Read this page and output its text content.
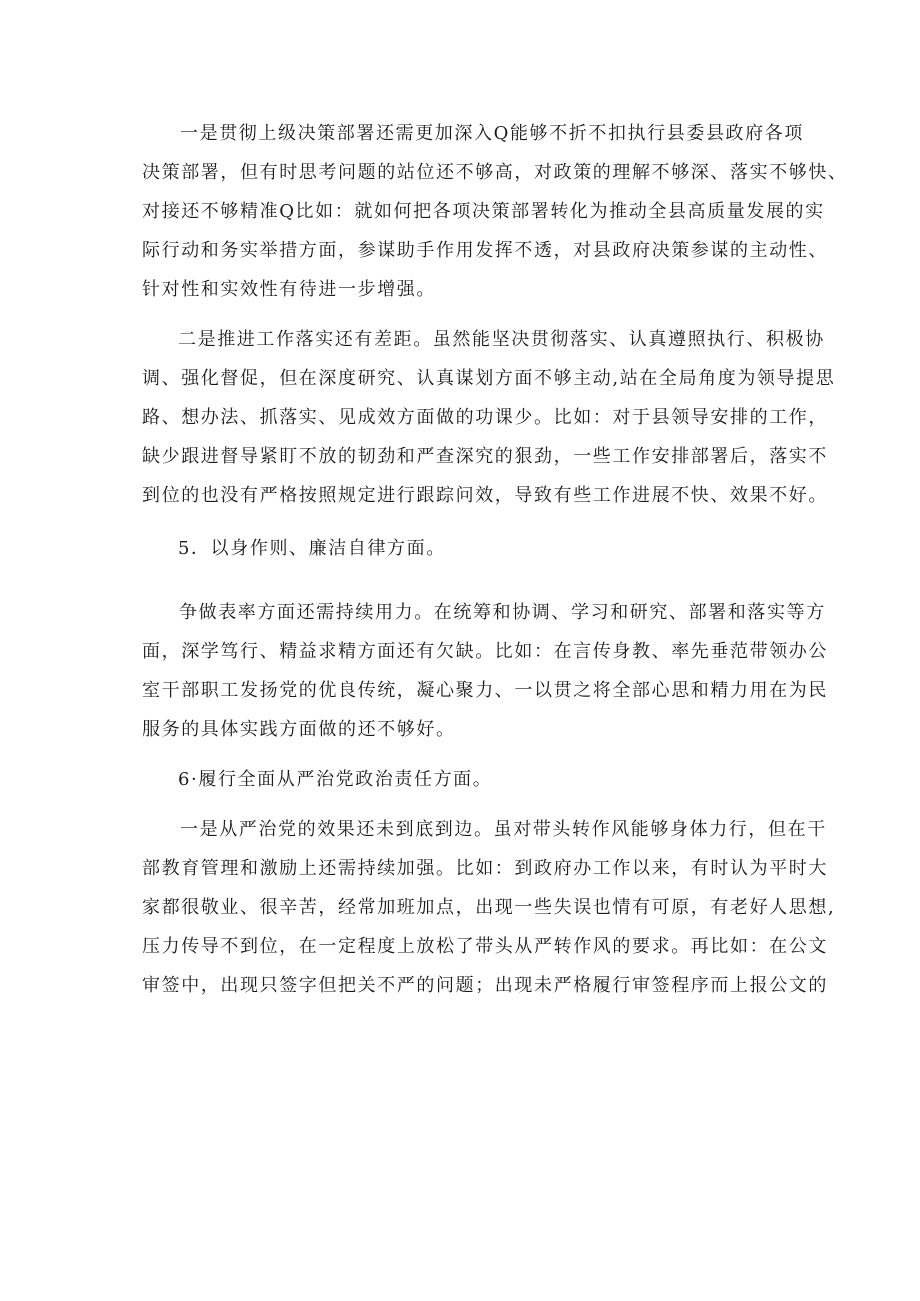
一是贯彻上级决策部署还需更加深入Q能够不折不扣执行县委县政府各项
决策部署，但有时思考问题的站位还不够高，对政策的理解不够深、落实不够快、
对接还不够精准Q比如：就如何把各项决策部署转化为推动全县高质量发展的实
际行动和务实举措方面，参谋助手作用发挥不透，对县政府决策参谋的主动性、
针对性和实效性有待进一步增强。
二是推进工作落实还有差距。虽然能坚决贯彻落实、认真遵照执行、积极协
调、强化督促，但在深度研究、认真谋划方面不够主动,站在全局角度为领导提思
路、想办法、抓落实、见成效方面做的功课少。比如：对于县领导安排的工作，
缺少跟进督导紧盯不放的韧劲和严查深究的狠劲，一些工作安排部署后，落实不
到位的也没有严格按照规定进行跟踪问效，导致有些工作进展不快、效果不好。
5．以身作则、廉洁自律方面。
争做表率方面还需持续用力。在统筹和协调、学习和研究、部署和落实等方
面，深学笃行、精益求精方面还有欠缺。比如：在言传身教、率先垂范带领办公
室干部职工发扬党的优良传统，凝心聚力、一以贯之将全部心思和精力用在为民
服务的具体实践方面做的还不够好。
6·履行全面从严治党政治责任方面。
一是从严治党的效果还未到底到边。虽对带头转作风能够身体力行，但在干
部教育管理和激励上还需持续加强。比如：到政府办工作以来，有时认为平时大
家都很敬业、很辛苦，经常加班加点，出现一些失误也情有可原，有老好人思想,
压力传导不到位，在一定程度上放松了带头从严转作风的要求。再比如：在公文
审签中，出现只签字但把关不严的问题；出现未严格履行审签程序而上报公文的
